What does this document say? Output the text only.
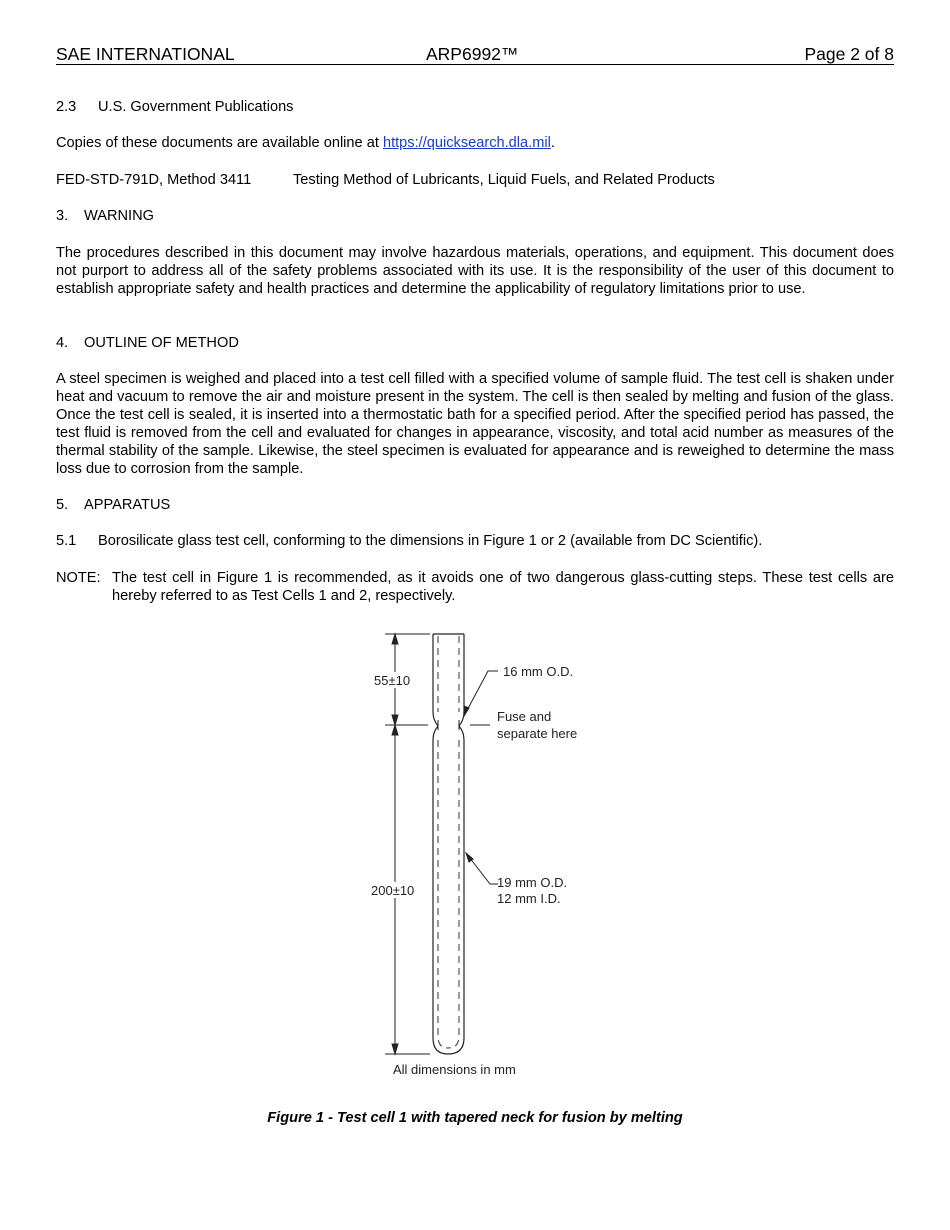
SAE INTERNATIONAL	ARP6992™	Page 2 of 8
2.3 U.S. Government Publications
Copies of these documents are available online at https://quicksearch.dla.mil.
FED-STD-791D, Method 3411	Testing Method of Lubricants, Liquid Fuels, and Related Products
3. WARNING
The procedures described in this document may involve hazardous materials, operations, and equipment. This document does not purport to address all of the safety problems associated with its use. It is the responsibility of the user of this document to establish appropriate safety and health practices and determine the applicability of regulatory limitations prior to use.
4. OUTLINE OF METHOD
A steel specimen is weighed and placed into a test cell filled with a specified volume of sample fluid. The test cell is shaken under heat and vacuum to remove the air and moisture present in the system. The cell is then sealed by melting and fusion of the glass. Once the test cell is sealed, it is inserted into a thermostatic bath for a specified period. After the specified period has passed, the test fluid is removed from the cell and evaluated for changes in appearance, viscosity, and total acid number as measures of the thermal stability of the sample. Likewise, the steel specimen is evaluated for appearance and is reweighed to determine the mass loss due to corrosion from the sample.
5. APPARATUS
5.1 Borosilicate glass test cell, conforming to the dimensions in Figure 1 or 2 (available from DC Scientific).
NOTE: The test cell in Figure 1 is recommended, as it avoids one of two dangerous glass-cutting steps. These test cells are hereby referred to as Test Cells 1 and 2, respectively.
55±10
200±10
16 mm O.D.
Fuse and
separate here
19 mm O.D.
12 mm I.D.
All dimensions in mm
Figure 1 - Test cell 1 with tapered neck for fusion by melting
